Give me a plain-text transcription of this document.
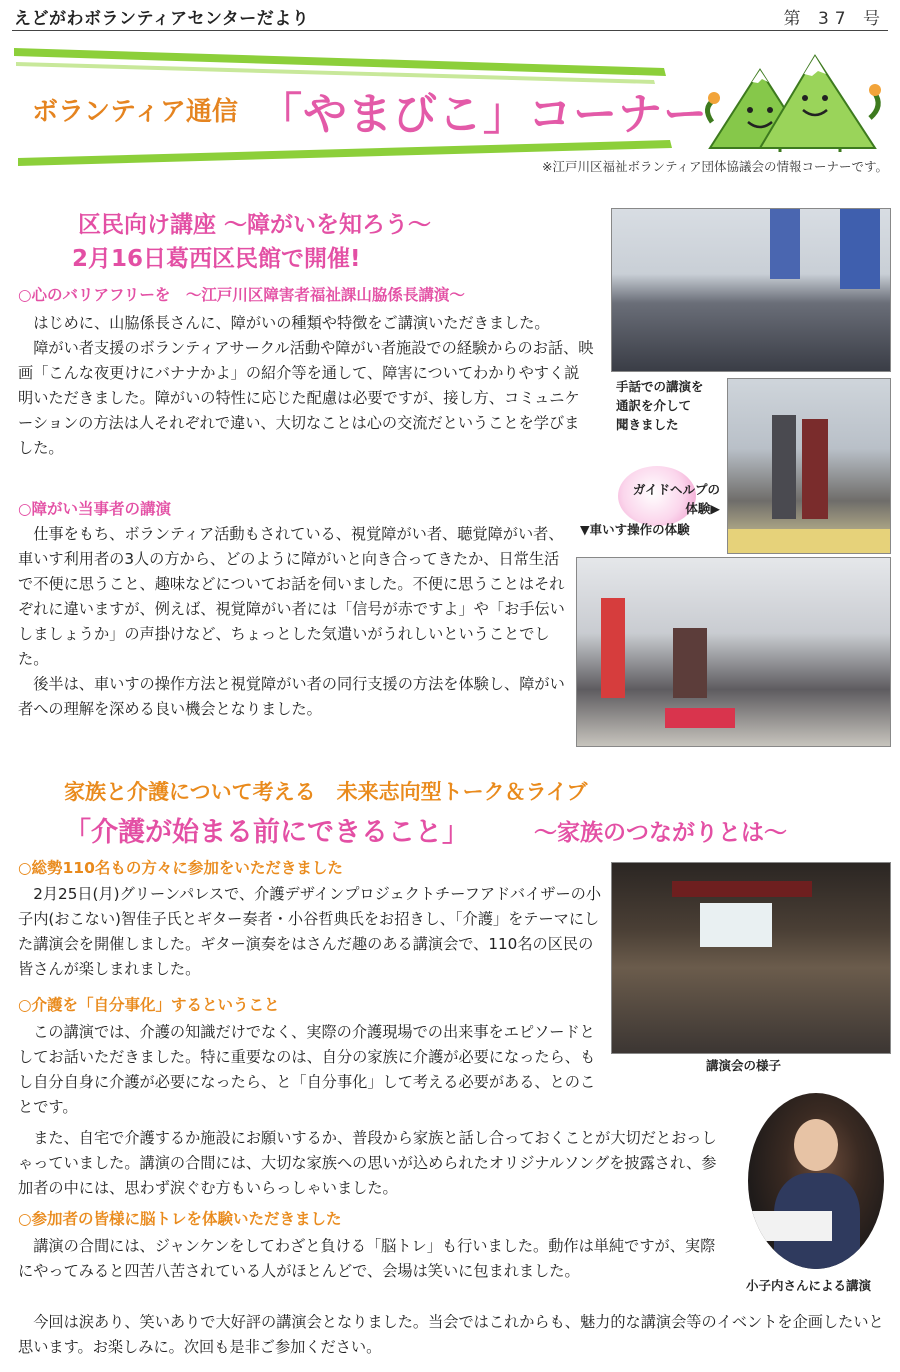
えどがわボランティアセンターだより	第 37 号
ボランティア通信 「やまびこ」コーナー
※江戸川区福祉ボランティア団体協議会の情報コーナーです。
区民向け講座 ～障がいを知ろう～
2月16日葛西区民館で開催!
○心のバリアフリーを　～江戸川区障害者福祉課山脇係長講演～

はじめに、山脇係長さんに、障がいの種類や特徴をご講演いただきました。

障がい者支援のボランティアサークル活動や障がい者施設での経験からのお話、映画「こんな夜更けにバナナかよ」の紹介等を通して、障害についてわかりやすく説明いただきました。障がいの特性に応じた配慮は必要ですが、接し方、コミュニケーションの方法は人それぞれで違い、大切なことは心の交流だということを学びました。

○障がい当事者の講演

仕事をもち、ボランティア活動もされている、視覚障がい者、聴覚障がい者、車いす利用者の3人の方から、どのように障がいと向き合ってきたか、日常生活で不便に思うこと、趣味などについてお話を伺いました。不便に思うことはそれぞれに違いますが、例えば、視覚障がい者には「信号が赤ですよ」や「お手伝いしましょうか」の声掛けなど、ちょっとした気遣いがうれしいということでした。

後半は、車いすの操作方法と視覚障がい者の同行支援の方法を体験し、障がい者への理解を深める良い機会となりました。

手話での講演を
通訳を介して
聞きました
ガイドヘルプの
体験▶
▼車いす操作の体験
家族と介護について考える　未来志向型トーク＆ライブ
「介護が始まる前にできること」	～家族のつながりとは～
○総勢110名もの方々に参加をいただきました

2月25日(月)グリーンパレスで、介護デザインプロジェクトチーフアドバイザーの小子内(おこない)智佳子氏とギター奏者・小谷哲典氏をお招きし、「介護」をテーマにした講演会を開催しました。ギター演奏をはさんだ趣のある講演会で、110名の区民の皆さんが楽しまれました。

○介護を「自分事化」するということ

この講演では、介護の知識だけでなく、実際の介護現場での出来事をエピソードとしてお話いただきました。特に重要なのは、自分の家族に介護が必要になったら、もし自分自身に介護が必要になったら、と「自分事化」して考える必要がある、とのことです。

また、自宅で介護するか施設にお願いするか、普段から家族と話し合っておくことが大切だとおっしゃっていました。講演の合間には、大切な家族への思いが込められたオリジナルソングを披露され、参加者の中には、思わず涙ぐむ方もいらっしゃいました。

○参加者の皆様に脳トレを体験いただきました

講演の合間には、ジャンケンをしてわざと負ける「脳トレ」も行いました。動作は単純ですが、実際にやってみると四苦八苦されている人がほとんどで、会場は笑いに包まれました。

今回は涙あり、笑いありで大好評の講演会となりました。当会ではこれからも、魅力的な講演会等のイベントを企画したいと思います。お楽しみに。次回も是非ご参加ください。

講演会の様子
小子内さんによる講演
